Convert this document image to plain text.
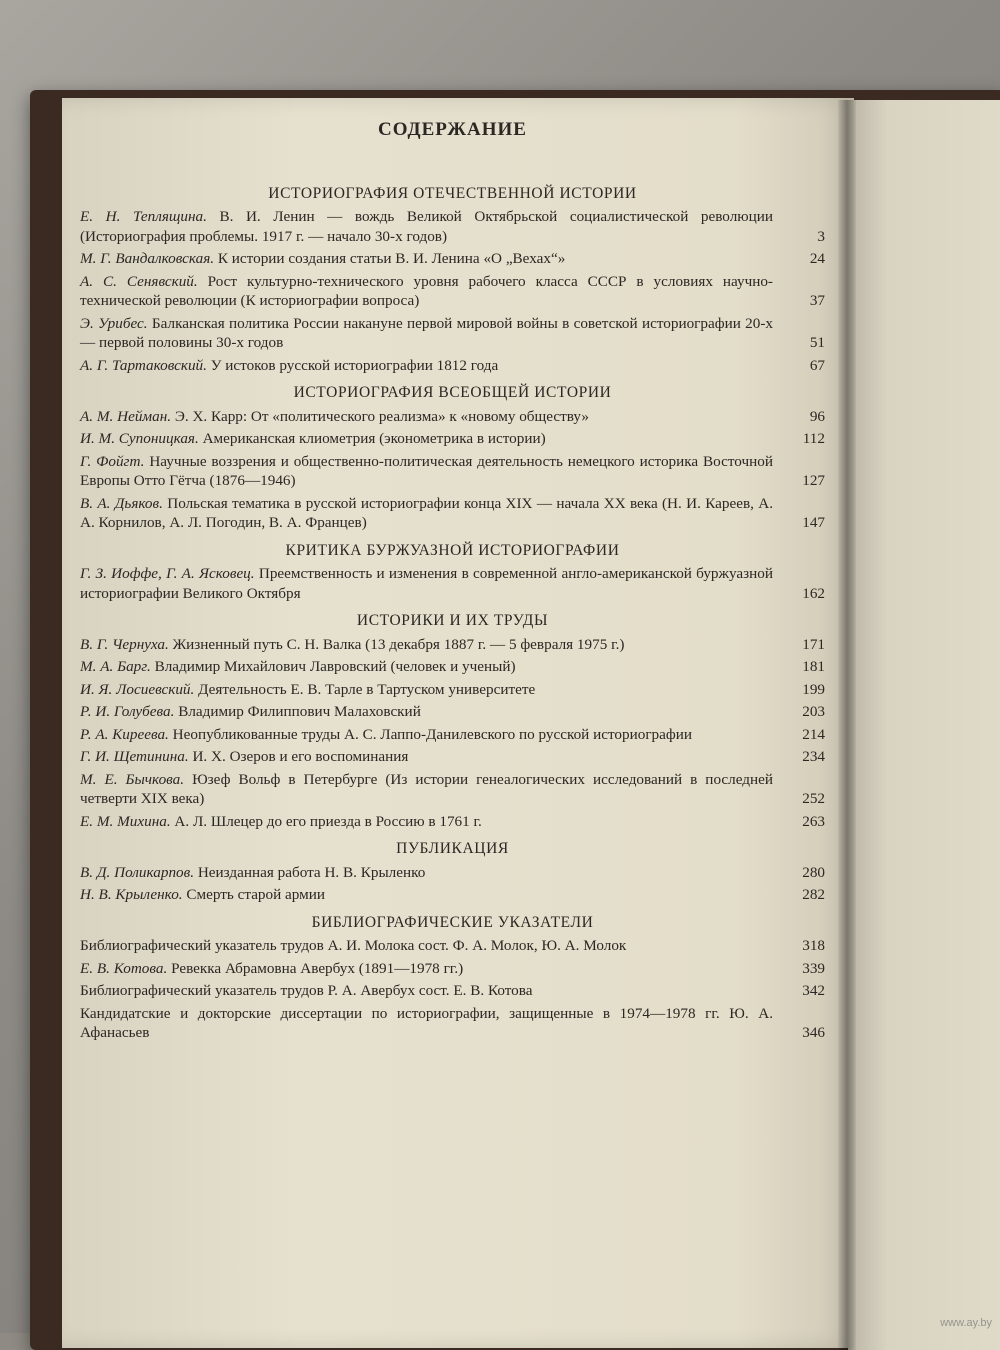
СОДЕРЖАНИЕ
ИСТОРИОГРАФИЯ ОТЕЧЕСТВЕННОЙ ИСТОРИИ
Е. Н. Теплящина. В. И. Ленин — вождь Великой Октябрьской социалистической революции (Историография проблемы. 1917 г. — начало 30-х годов)	3
М. Г. Вандалковская. К истории создания статьи В. И. Ленина «О „Вехах“»	24
А. С. Сенявский. Рост культурно-технического уровня рабочего класса СССР в условиях научно-технической революции (К историографии вопроса)	37
Э. Урибес. Балканская политика России накануне первой мировой войны в советской историографии 20-х — первой половины 30-х годов	51
А. Г. Тартаковский. У истоков русской историографии 1812 года	67
ИСТОРИОГРАФИЯ ВСЕОБЩЕЙ ИСТОРИИ
А. М. Нейман. Э. Х. Карр: От «политического реализма» к «новому обществу»	96
И. М. Супоницкая. Американская клиометрия (эконометрика в истории)	112
Г. Фойгт. Научные воззрения и общественно-политическая деятельность немецкого историка Восточной Европы Отто Гётча (1876—1946)	127
В. А. Дьяков. Польская тематика в русской историографии конца XIX — начала XX века (Н. И. Кареев, А. А. Корнилов, А. Л. Погодин, В. А. Францев)	147
КРИТИКА БУРЖУАЗНОЙ ИСТОРИОГРАФИИ
Г. З. Иоффе, Г. А. Ясковец. Преемственность и изменения в современной англо-американской буржуазной историографии Великого Октября	162
ИСТОРИКИ И ИХ ТРУДЫ
В. Г. Чернуха. Жизненный путь С. Н. Валка (13 декабря 1887 г. — 5 февраля 1975 г.)	171
М. А. Барг. Владимир Михайлович Лавровский (человек и ученый)	181
И. Я. Лосиевский. Деятельность Е. В. Тарле в Тартуском университете	199
Р. И. Голубева. Владимир Филиппович Малаховский	203
Р. А. Киреева. Неопубликованные труды А. С. Лаппо-Данилевского по русской историографии	214
Г. И. Щетинина. И. Х. Озеров и его воспоминания	234
М. Е. Бычкова. Юзеф Вольф в Петербурге (Из истории генеалогических исследований в последней четверти XIX века)	252
Е. М. Михина. А. Л. Шлецер до его приезда в Россию в 1761 г.	263
ПУБЛИКАЦИЯ
В. Д. Поликарпов. Неизданная работа Н. В. Крыленко	280
Н. В. Крыленко. Смерть старой армии	282
БИБЛИОГРАФИЧЕСКИЕ УКАЗАТЕЛИ
Библиографический указатель трудов А. И. Молока сост. Ф. А. Молок, Ю. А. Молок	318
Е. В. Котова. Ревекка Абрамовна Авербух (1891—1978 гг.)	339
Библиографический указатель трудов Р. А. Авербух сост. Е. В. Котова	342
Кандидатские и докторские диссертации по историографии, защищенные в 1974—1978 гг. Ю. А. Афанасьев	346
www.ay.by
